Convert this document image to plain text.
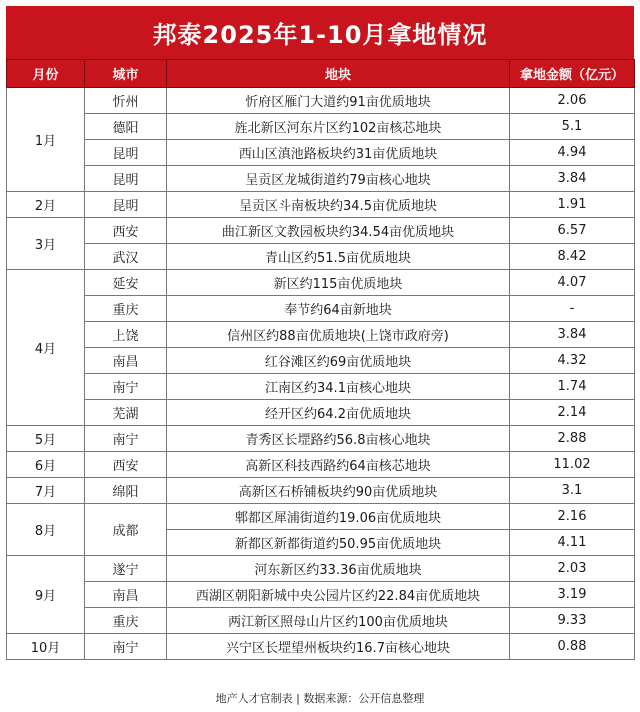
邦泰2025年1-10月拿地情况
月份	城市	地块	拿地金额（亿元）
1月	忻州	忻府区雁门大道约91亩优质地块	2.06
	德阳	旌北新区河东片区约102亩核芯地块	5.1
	昆明	西山区滇池路板块约31亩优质地块	4.94
	昆明	呈贡区龙城街道约79亩核心地块	3.84
2月	昆明	呈贡区斗南板块约34.5亩优质地块	1.91
3月	西安	曲江新区文教园板块约34.54亩优质地块	6.57
	武汉	青山区约51.5亩优质地块	8.42
4月	延安	新区约115亩优质地块	4.07
	重庆	奉节约64亩新地块	-
	上饶	信州区约88亩优质地块(上饶市政府旁)	3.84
	南昌	红谷滩区约69亩优质地块	4.32
	南宁	江南区约34.1亩核心地块	1.74
	芜湖	经开区约64.2亩优质地块	2.14
5月	南宁	青秀区长堽路约56.8亩核心地块	2.88
6月	西安	高新区科技西路约64亩核芯地块	11.02
7月	绵阳	高新区石桥铺板块约90亩优质地块	3.1
8月	成都	郫都区犀浦街道约19.06亩优质地块	2.16
		新都区新都街道约50.95亩优质地块	4.11
9月	遂宁	河东新区约33.36亩优质地块	2.03
	南昌	西湖区朝阳新城中央公园片区约22.84亩优质地块	3.19
	重庆	两江新区照母山片区约100亩优质地块	9.33
10月	南宁	兴宁区长堽望州板块约16.7亩核心地块	0.88
地产人才官制表 | 数据来源：公开信息整理
